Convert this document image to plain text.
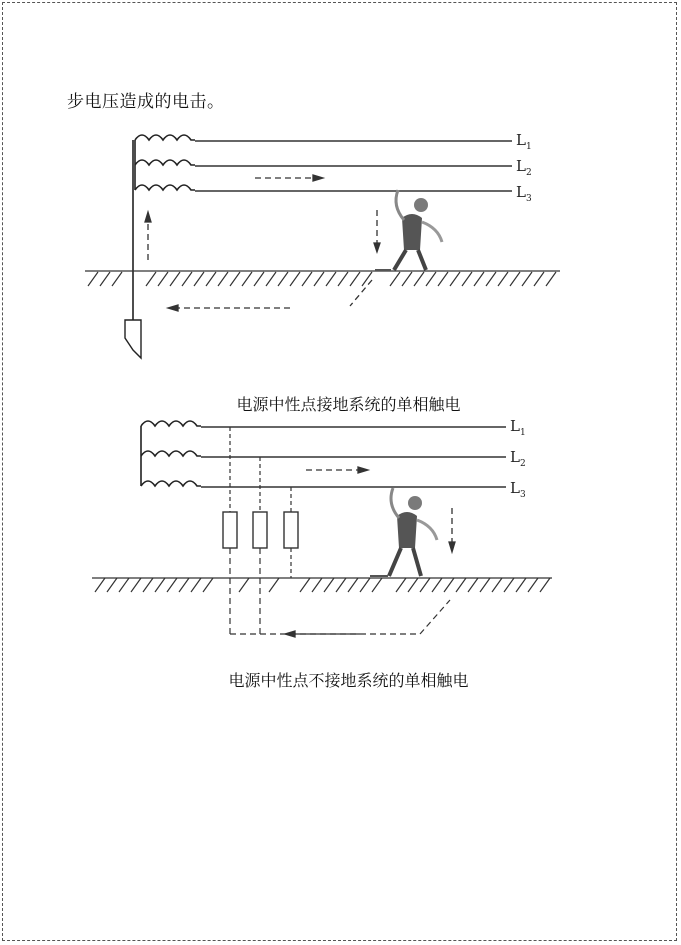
步电压造成的电击。
$L_1$
$L_2$
$L_3$
电源中性点接地系统的单相触电
$L_1$
$L_2$
$L_3$
电源中性点不接地系统的单相触电
